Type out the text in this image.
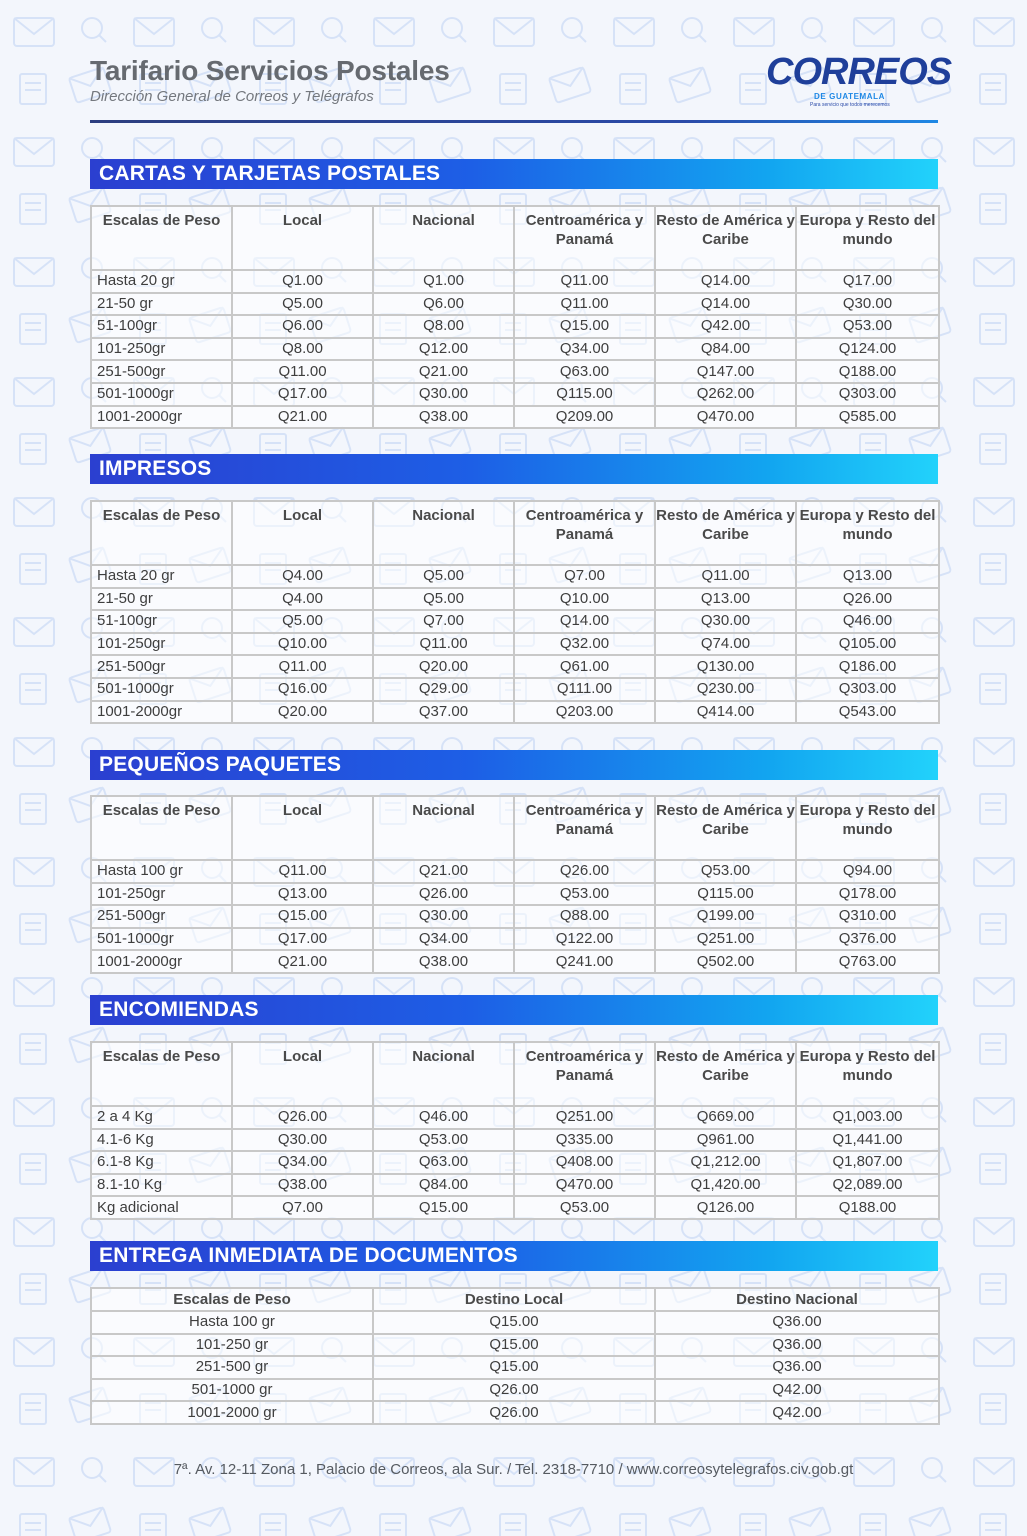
Tarifario Servicios Postales
Dirección General de Correos y Telégrafos
CORREOS
DE GUATEMALA
Para servicio que todos merecemos
CARTAS Y TARJETAS POSTALES
Escalas de Peso	Local	Nacional	Centroamérica y Panamá	Resto de América y Caribe	Europa y Resto del mundo
Hasta 20 gr	Q1.00	Q1.00	Q11.00	Q14.00	Q17.00
21-50 gr	Q5.00	Q6.00	Q11.00	Q14.00	Q30.00
51-100gr	Q6.00	Q8.00	Q15.00	Q42.00	Q53.00
101-250gr	Q8.00	Q12.00	Q34.00	Q84.00	Q124.00
251-500gr	Q11.00	Q21.00	Q63.00	Q147.00	Q188.00
501-1000gr	Q17.00	Q30.00	Q115.00	Q262.00	Q303.00
1001-2000gr	Q21.00	Q38.00	Q209.00	Q470.00	Q585.00
IMPRESOS
Escalas de Peso	Local	Nacional	Centroamérica y Panamá	Resto de América y Caribe	Europa y Resto del mundo
Hasta 20 gr	Q4.00	Q5.00	Q7.00	Q11.00	Q13.00
21-50 gr	Q4.00	Q5.00	Q10.00	Q13.00	Q26.00
51-100gr	Q5.00	Q7.00	Q14.00	Q30.00	Q46.00
101-250gr	Q10.00	Q11.00	Q32.00	Q74.00	Q105.00
251-500gr	Q11.00	Q20.00	Q61.00	Q130.00	Q186.00
501-1000gr	Q16.00	Q29.00	Q111.00	Q230.00	Q303.00
1001-2000gr	Q20.00	Q37.00	Q203.00	Q414.00	Q543.00
PEQUEÑOS PAQUETES
Escalas de Peso	Local	Nacional	Centroamérica y Panamá	Resto de América y Caribe	Europa y Resto del mundo
Hasta 100 gr	Q11.00	Q21.00	Q26.00	Q53.00	Q94.00
101-250gr	Q13.00	Q26.00	Q53.00	Q115.00	Q178.00
251-500gr	Q15.00	Q30.00	Q88.00	Q199.00	Q310.00
501-1000gr	Q17.00	Q34.00	Q122.00	Q251.00	Q376.00
1001-2000gr	Q21.00	Q38.00	Q241.00	Q502.00	Q763.00
ENCOMIENDAS
Escalas de Peso	Local	Nacional	Centroamérica y Panamá	Resto de América y Caribe	Europa y Resto del mundo
2 a 4 Kg	Q26.00	Q46.00	Q251.00	Q669.00	Q1,003.00
4.1-6 Kg	Q30.00	Q53.00	Q335.00	Q961.00	Q1,441.00
6.1-8 Kg	Q34.00	Q63.00	Q408.00	Q1,212.00	Q1,807.00
8.1-10 Kg	Q38.00	Q84.00	Q470.00	Q1,420.00	Q2,089.00
Kg adicional	Q7.00	Q15.00	Q53.00	Q126.00	Q188.00
ENTREGA INMEDIATA DE DOCUMENTOS
Escalas de Peso	Destino Local	Destino Nacional
Hasta 100 gr	Q15.00	Q36.00
101-250 gr	Q15.00	Q36.00
251-500 gr	Q15.00	Q36.00
501-1000 gr	Q26.00	Q42.00
1001-2000 gr	Q26.00	Q42.00
7ª. Av. 12-11 Zona 1, Palacio de Correos, ala Sur. / Tel. 2318-7710 / www.correosytelegrafos.civ.gob.gt
